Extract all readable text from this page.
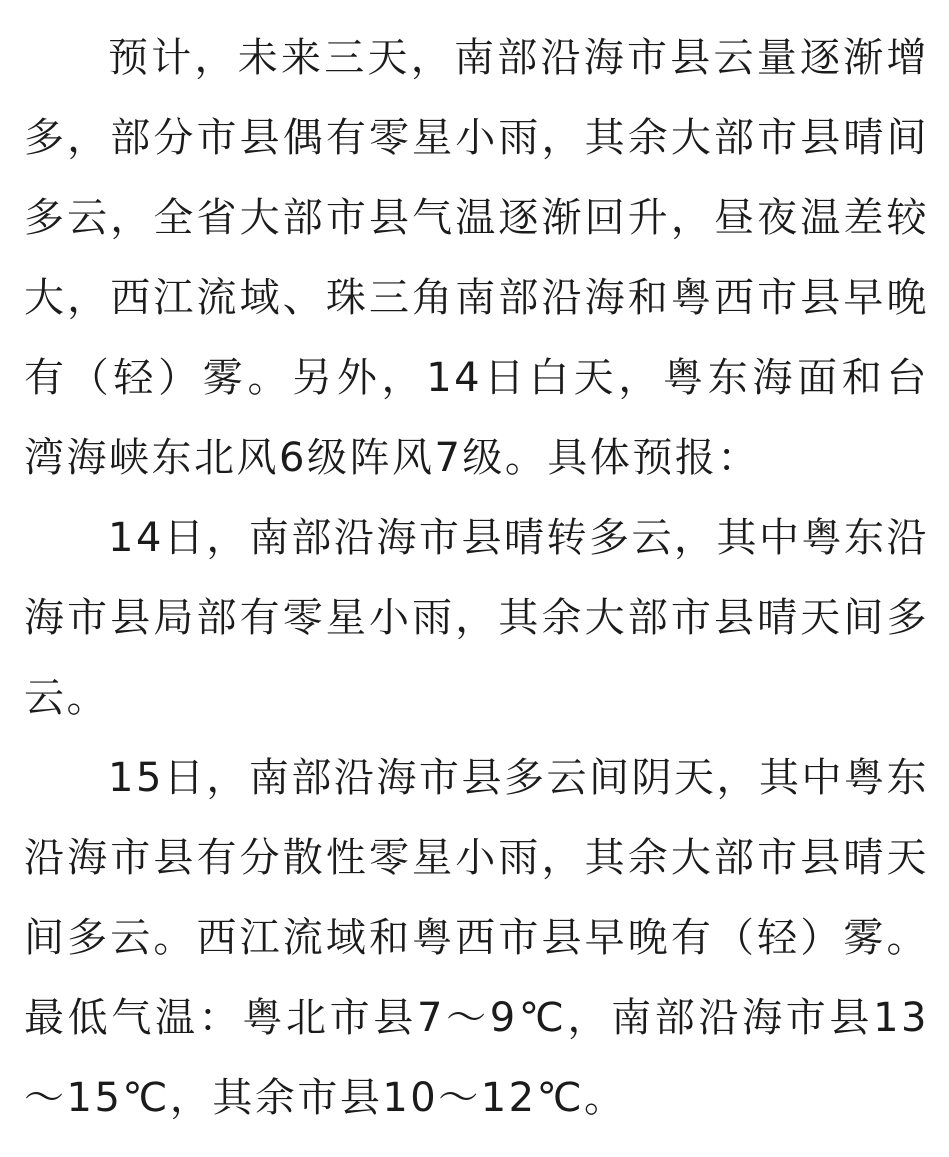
预计，未来三天，南部沿海市县云量逐渐增多，部分市县偶有零星小雨，其余大部市县晴间多云，全省大部市县气温逐渐回升，昼夜温差较大，西江流域、珠三角南部沿海和粤西市县早晚有（轻）雾。另外，14日白天，粤东海面和台湾海峡东北风6级阵风7级。具体预报：

14日，南部沿海市县晴转多云，其中粤东沿海市县局部有零星小雨，其余大部市县晴天间多云。

15日，南部沿海市县多云间阴天，其中粤东沿海市县有分散性零星小雨，其余大部市县晴天间多云。西江流域和粤西市县早晚有（轻）雾。最低气温：粤北市县7～9℃，南部沿海市县13～15℃，其余市县10～12℃。
